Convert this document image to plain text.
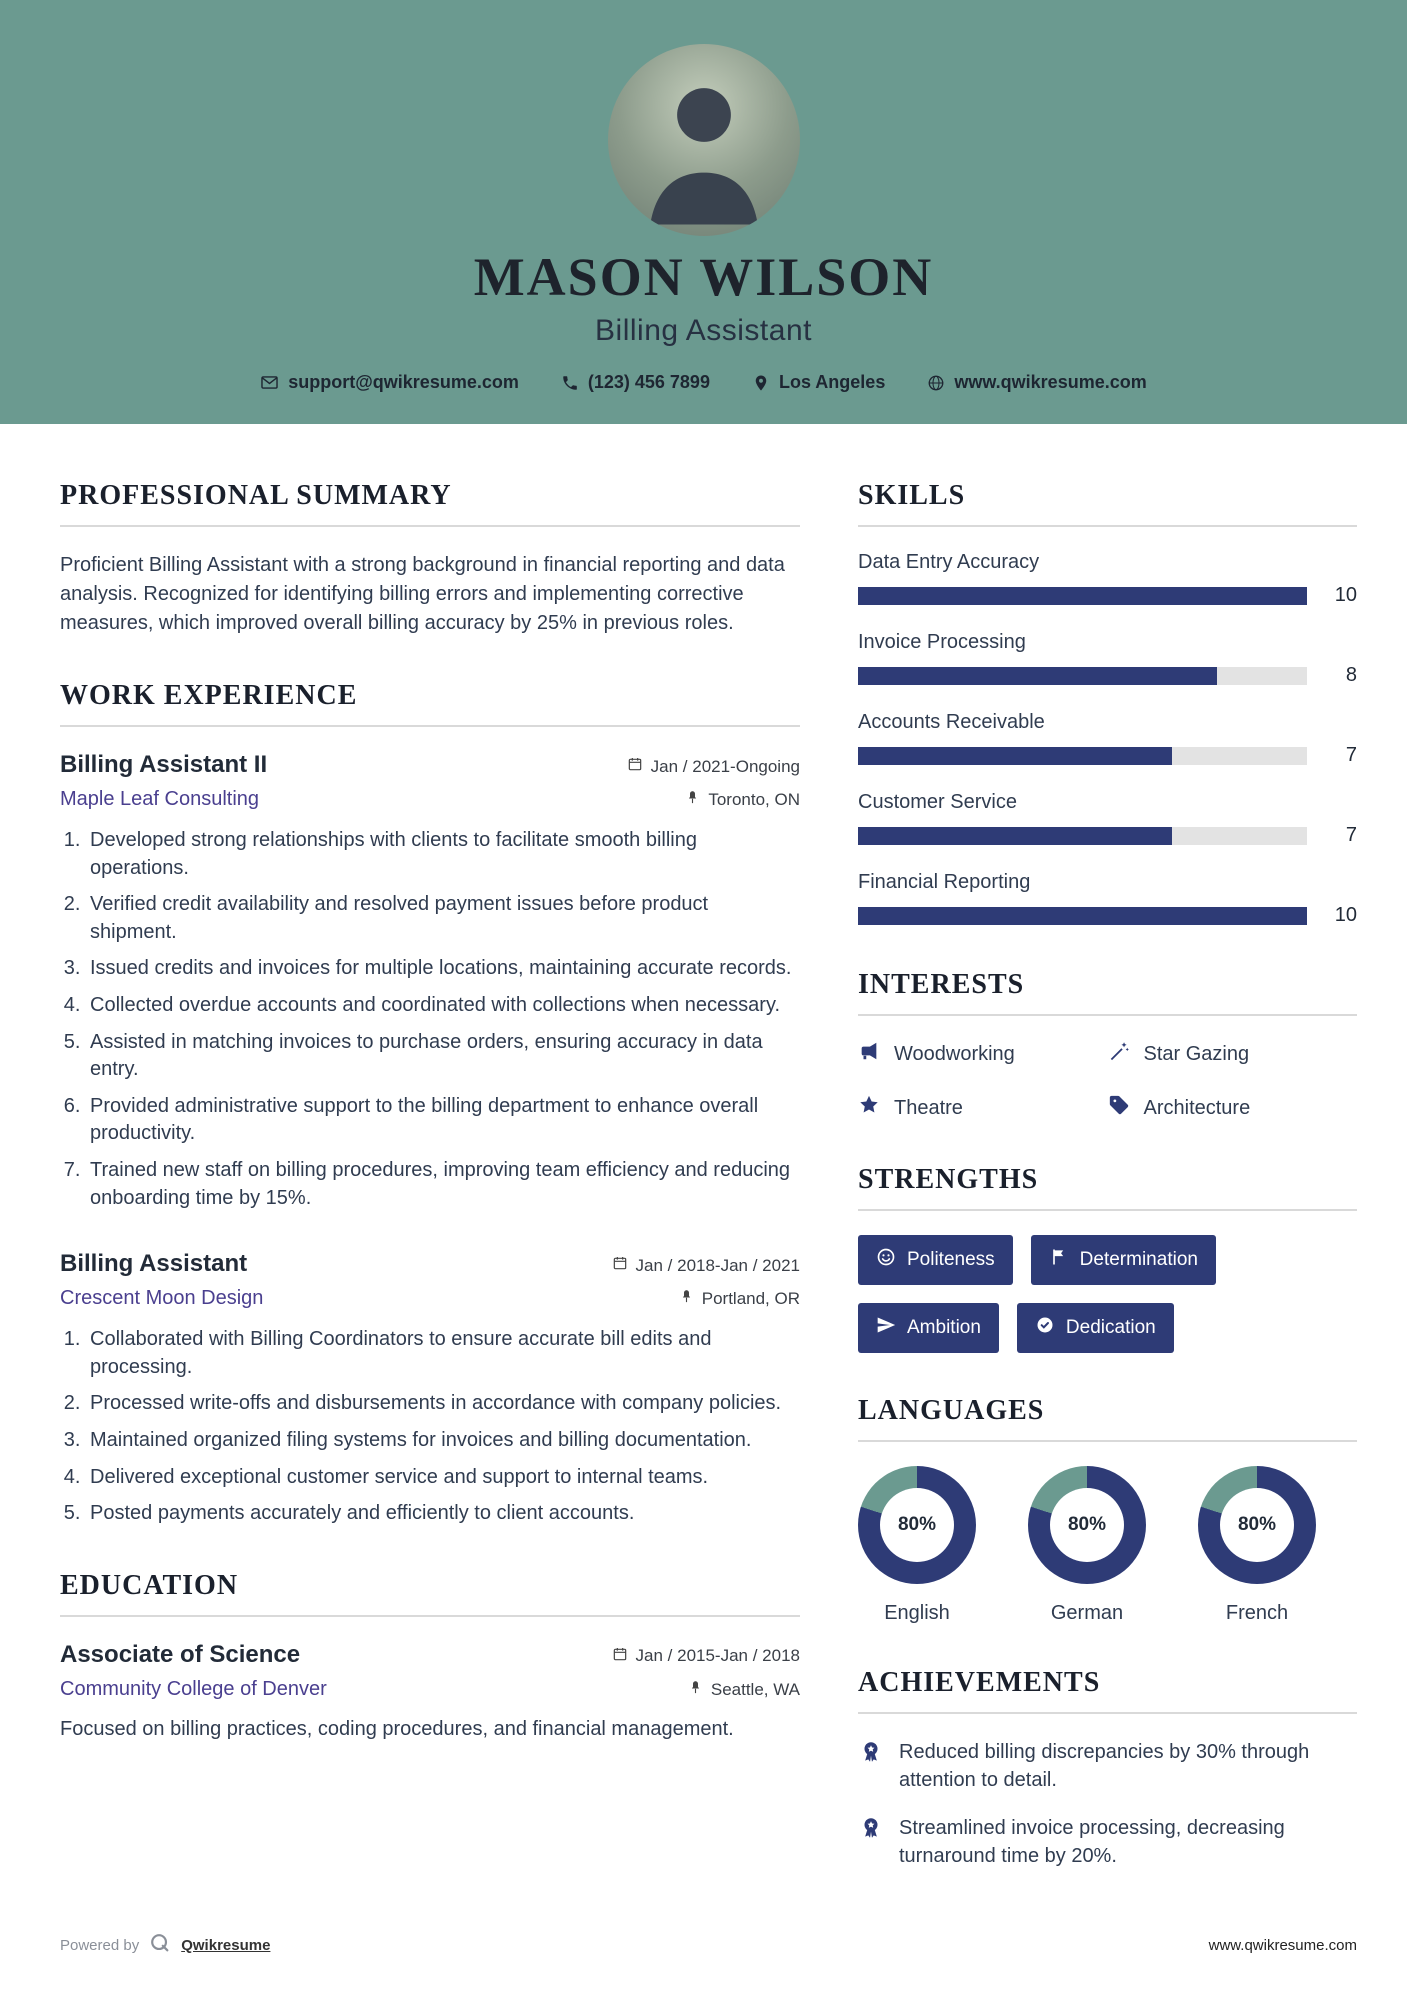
MASON WILSON
Billing Assistant
support@qwikresume.com	(123) 456 7899	Los Angeles	www.qwikresume.com
PROFESSIONAL SUMMARY
Proficient Billing Assistant with a strong background in financial reporting and data analysis. Recognized for identifying billing errors and implementing corrective measures, which improved overall billing accuracy by 25% in previous roles.
WORK EXPERIENCE
Billing Assistant II	Jan / 2021-Ongoing
Maple Leaf Consulting	Toronto, ON
1. Developed strong relationships with clients to facilitate smooth billing operations.
2. Verified credit availability and resolved payment issues before product shipment.
3. Issued credits and invoices for multiple locations, maintaining accurate records.
4. Collected overdue accounts and coordinated with collections when necessary.
5. Assisted in matching invoices to purchase orders, ensuring accuracy in data entry.
6. Provided administrative support to the billing department to enhance overall productivity.
7. Trained new staff on billing procedures, improving team efficiency and reducing onboarding time by 15%.
Billing Assistant	Jan / 2018-Jan / 2021
Crescent Moon Design	Portland, OR
1. Collaborated with Billing Coordinators to ensure accurate bill edits and processing.
2. Processed write-offs and disbursements in accordance with company policies.
3. Maintained organized filing systems for invoices and billing documentation.
4. Delivered exceptional customer service and support to internal teams.
5. Posted payments accurately and efficiently to client accounts.
EDUCATION
Associate of Science	Jan / 2015-Jan / 2018
Community College of Denver	Seattle, WA
Focused on billing practices, coding procedures, and financial management.
SKILLS
Data Entry Accuracy
10
Invoice Processing
8
Accounts Receivable
7
Customer Service
7
Financial Reporting
10
INTERESTS
Woodworking	Star Gazing
Theatre	Architecture
STRENGTHS
Politeness	Determination
Ambition	Dedication
LANGUAGES
80%
English
80%
German
80%
French
ACHIEVEMENTS
Reduced billing discrepancies by 30% through attention to detail.
Streamlined invoice processing, decreasing turnaround time by 20%.
Powered by	Qwikresume	www.qwikresume.com
